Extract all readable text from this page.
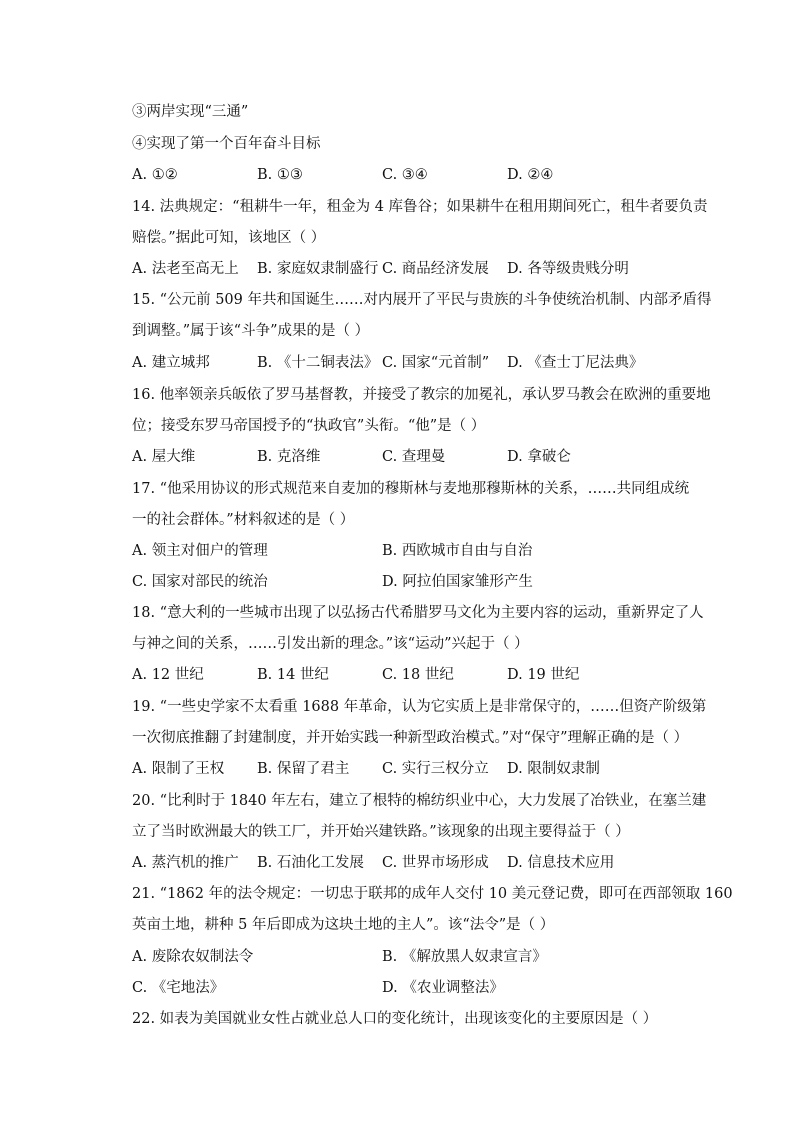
③两岸实现“三通”
④实现了第一个百年奋斗目标
A. ①②	B. ①③	C. ③④	D. ②④
14. 法典规定：“租耕牛一年，租金为 4 库鲁谷；如果耕牛在租用期间死亡，租牛者要负责
赔偿。”据此可知，该地区（ ）
A. 法老至高无上 B. 家庭奴隶制盛行 C. 商品经济发展 D. 各等级贵贱分明
15. “公元前 509 年共和国诞生……对内展开了平民与贵族的斗争使统治机制、内部矛盾得
到调整。”属于该“斗争”成果的是（ ）
A. 建立城邦	B. 《十二铜表法》 C. 国家“元首制” D. 《查士丁尼法典》
16. 他率领亲兵皈依了罗马基督教，并接受了教宗的加冕礼，承认罗马教会在欧洲的重要地
位；接受东罗马帝国授予的“执政官”头衔。“他”是（ ）
A. 屋大维	B. 克洛维	C. 查理曼	D. 拿破仑
17. “他采用协议的形式规范来自麦加的穆斯林与麦地那穆斯林的关系，……共同组成统
一的社会群体。”材料叙述的是（ ）
A. 领主对佃户的管理	B. 西欧城市自由与自治
C. 国家对部民的统治	D. 阿拉伯国家雏形产生
18. “意大利的一些城市出现了以弘扬古代希腊罗马文化为主要内容的运动，重新界定了人
与神之间的关系，……引发出新的理念。”该“运动”兴起于（ ）
A. 12 世纪	B. 14 世纪	C. 18 世纪	D. 19 世纪
19. “一些史学家不太看重 1688 年革命，认为它实质上是非常保守的，……但资产阶级第
一次彻底推翻了封建制度，并开始实践一种新型政治模式。”对“保守”理解正确的是（ ）
A. 限制了王权 B. 保留了君主 C. 实行三权分立 D. 限制奴隶制
20. “比利时于 1840 年左右，建立了根特的棉纺织业中心，大力发展了冶铁业，在塞兰建
立了当时欧洲最大的铁工厂，并开始兴建铁路。”该现象的出现主要得益于（ ）
A. 蒸汽机的推广 B. 石油化工发展 C. 世界市场形成 D. 信息技术应用
21. “1862 年的法令规定：一切忠于联邦的成年人交付 10 美元登记费，即可在西部领取 160
英亩土地，耕种 5 年后即成为这块土地的主人”。该“法令”是（ ）
A. 废除农奴制法令	B. 《解放黑人奴隶宣言》
C. 《宅地法》	D. 《农业调整法》
22. 如表为美国就业女性占就业总人口的变化统计，出现该变化的主要原因是（ ）
